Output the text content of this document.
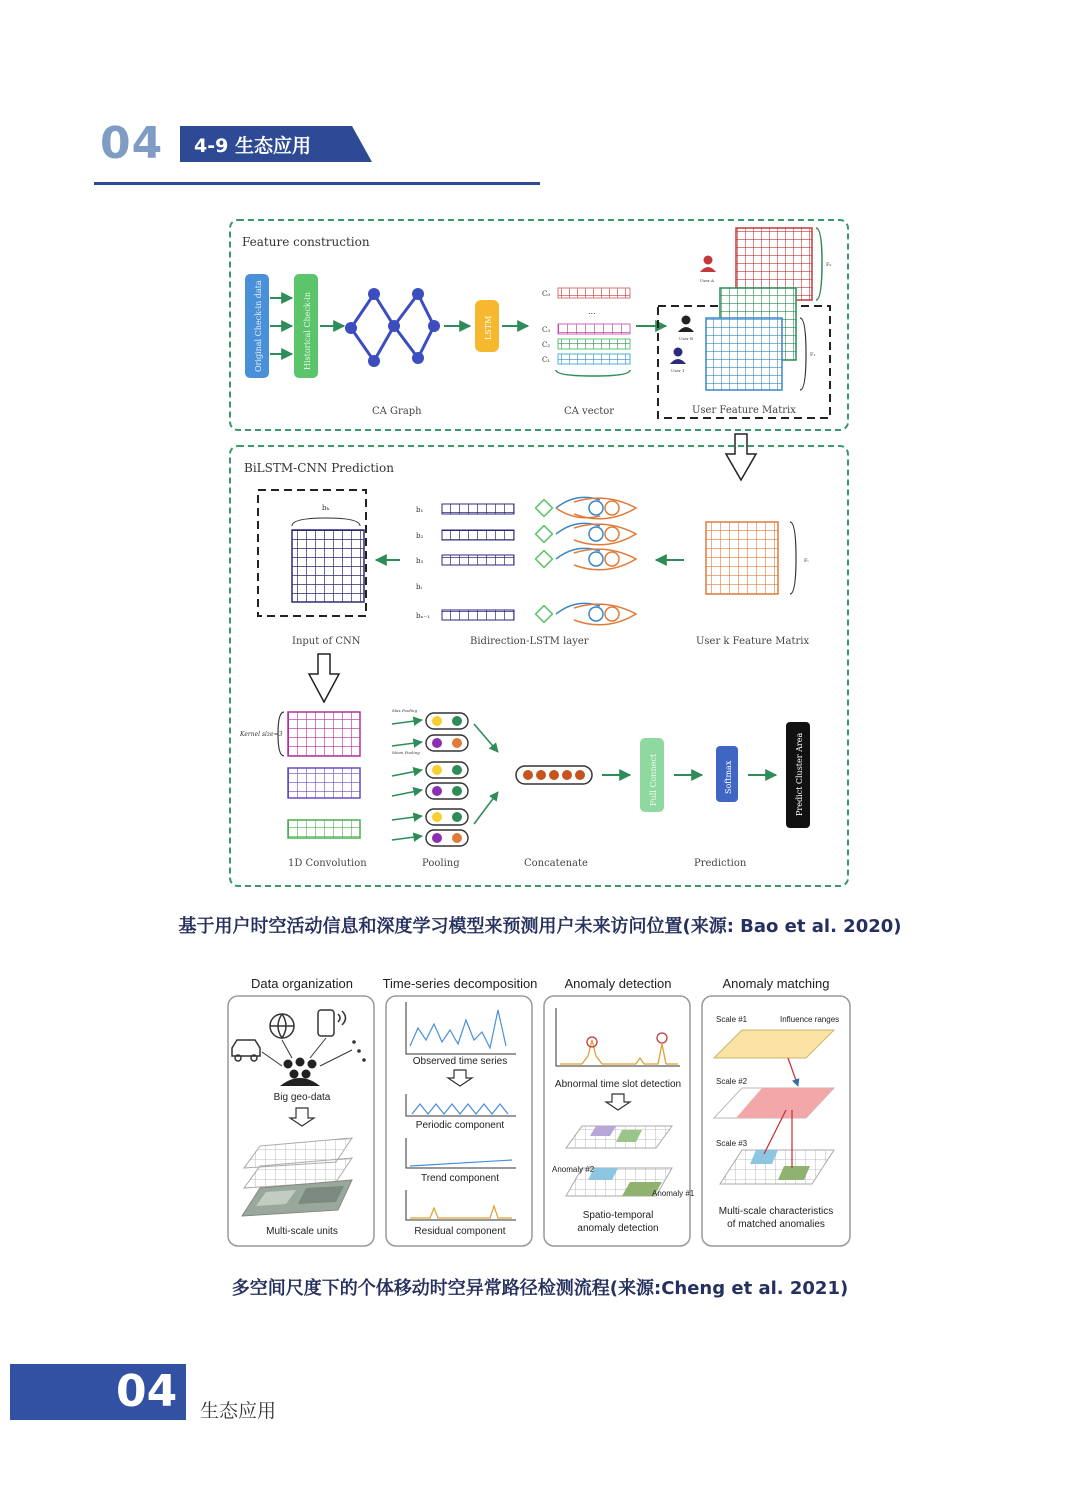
04 4-9 生态应用
Feature construction
Original Check-in data	Historical Check-in	LSTM
CA Graph
C₀
...
C₃
C₂
C₁
CA vector
User A
User B
User 1
Fₖ
F₁
User Feature Matrix
BiLSTM-CNN Prediction
bₖ
Input of CNN
b₁
b₂
b₃
bᵢ
bₙ₋₁
Bidirection-LSTM layer
Fᵢ
User k Feature Matrix
Kernel size=3
1D Convolution
Max Pooling
Mean Pooling
Pooling	Concatenate
Full Connect	Softmax	Predict Cluster Area
Prediction
基于用户时空活动信息和深度学习模型来预测用户未来访问位置(来源: Bao et al. 2020)
Data organization Time-series decomposition Anomaly detection	Anomaly matching
Big geo-data
Multi-scale units
Observed time series
Periodic component
Trend component
Residual component
Abnormal time slot detection
Anomaly #2
Anomaly #1
Spatio-temporal
anomaly detection
Scale #1	Influence ranges
Scale #2
Scale #3
Multi-scale characteristics
of matched anomalies
多空间尺度下的个体移动时空异常路径检测流程(来源:Cheng et al. 2021)
04 生态应用
